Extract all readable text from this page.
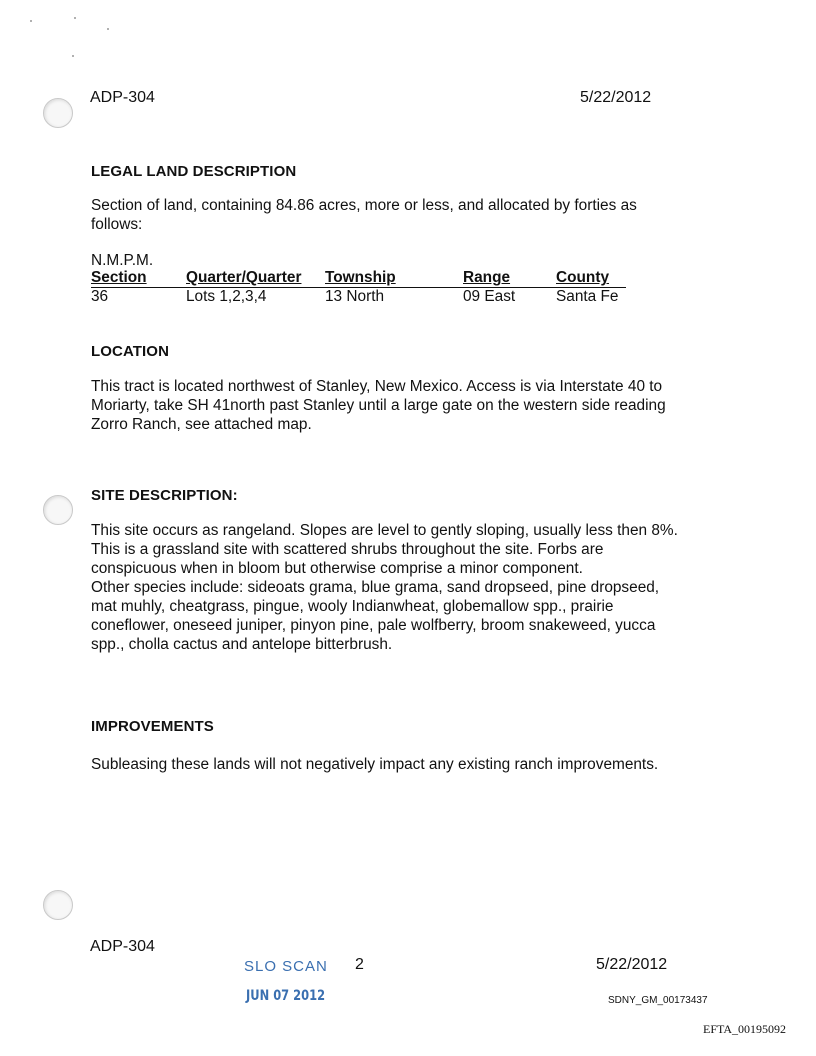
ADP-304	5/22/2012
LEGAL LAND DESCRIPTION
Section of land, containing 84.86 acres, more or less, and allocated by forties as
follows:
N.M.P.M.
Section	Quarter/Quarter	Township	Range	County
36	Lots 1,2,3,4	13 North	09 East	Santa Fe
LOCATION
This tract is located northwest of Stanley, New Mexico. Access is via Interstate 40 to
Moriarty, take SH 41north past Stanley until a large gate on the western side reading
Zorro Ranch, see attached map.
SITE DESCRIPTION:
This site occurs as rangeland. Slopes are level to gently sloping, usually less then 8%.
This is a grassland site with scattered shrubs throughout the site. Forbs are
conspicuous when in bloom but otherwise comprise a minor component.
Other species include: sideoats grama, blue grama, sand dropseed, pine dropseed,
mat muhly, cheatgrass, pingue, wooly Indianwheat, globemallow spp., prairie
coneflower, oneseed juniper, pinyon pine, pale wolfberry, broom snakeweed, yucca
spp., cholla cactus and antelope bitterbrush.
IMPROVEMENTS
Subleasing these lands will not negatively impact any existing ranch improvements.
ADP-304
SLO SCAN 2	5/22/2012
JUN 07 2012	SDNY_GM_00173437
EFTA_00195092
